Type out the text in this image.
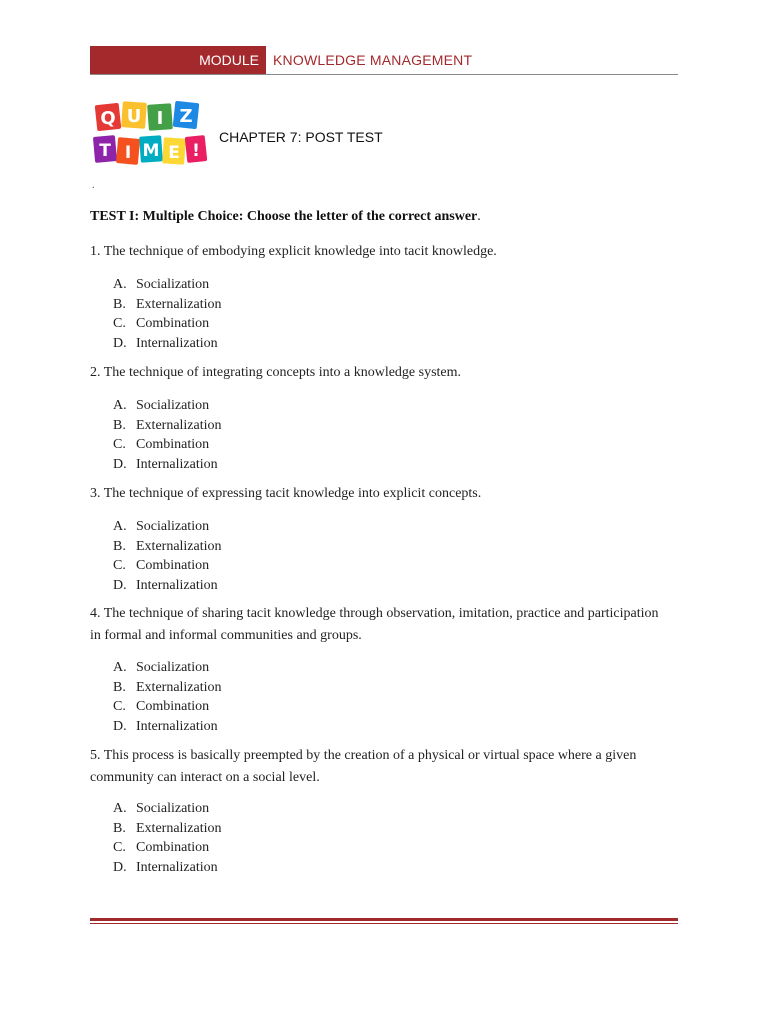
MODULE	KNOWLEDGE MANAGEMENT
Q U I Z
T I M E !
CHAPTER 7: POST TEST
.
TEST I: Multiple Choice: Choose the letter of the correct answer.
1. The technique of embodying explicit knowledge into tacit knowledge.
A. Socialization
B. Externalization
C. Combination
D. Internalization
2. The technique of integrating concepts into a knowledge system.
A. Socialization
B. Externalization
C. Combination
D. Internalization
3. The technique of expressing tacit knowledge into explicit concepts.
A. Socialization
B. Externalization
C. Combination
D. Internalization
4. The technique of sharing tacit knowledge through observation, imitation, practice and participation in formal and informal communities and groups.
A. Socialization
B. Externalization
C. Combination
D. Internalization
5. This process is basically preempted by the creation of a physical or virtual space where a given community can interact on a social level.
A. Socialization
B. Externalization
C. Combination
D. Internalization
